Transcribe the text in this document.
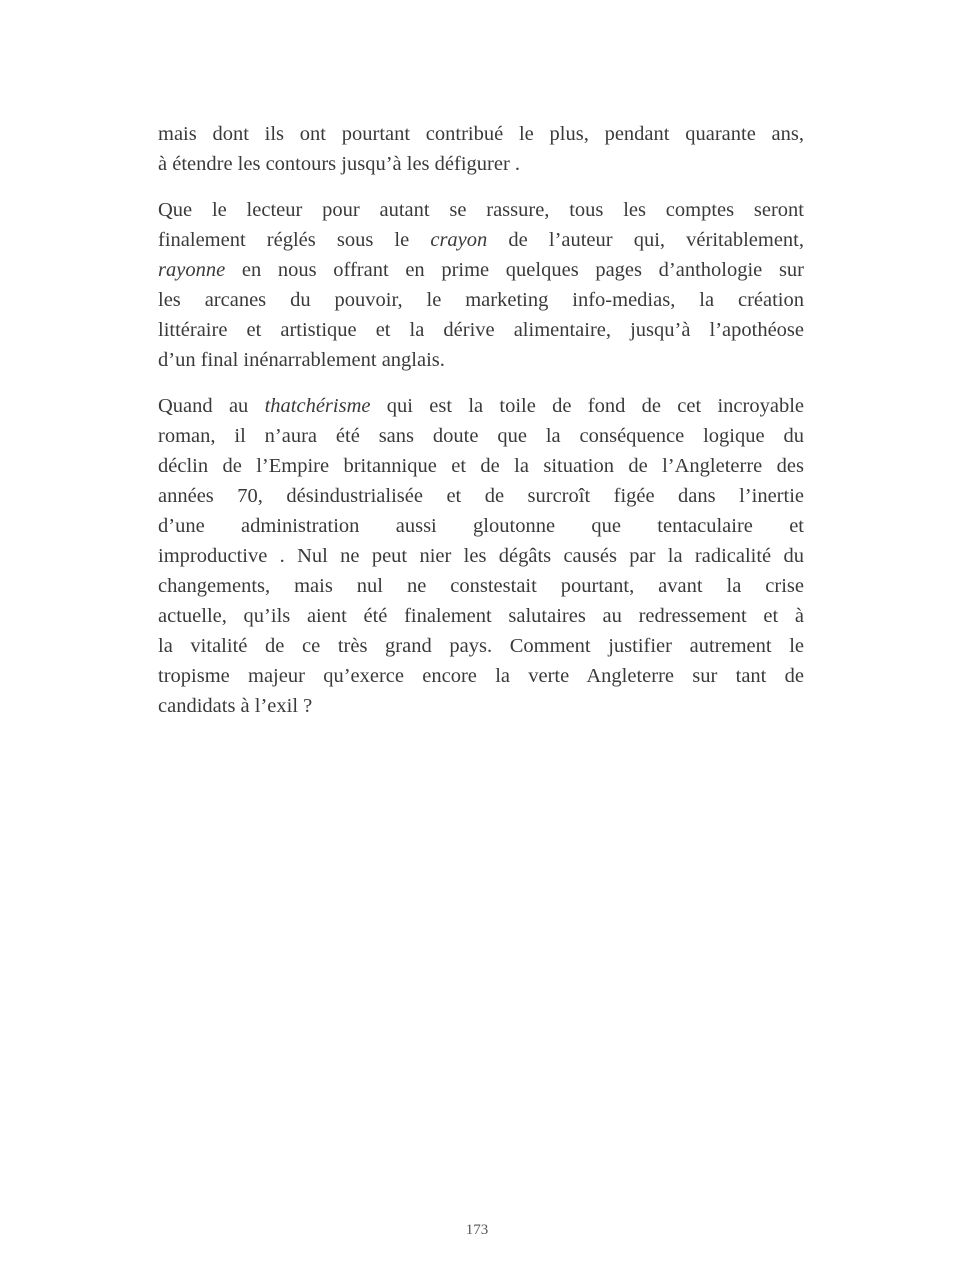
mais dont ils ont pourtant contribué le plus, pendant quarante ans,
à étendre les contours jusqu’à les défigurer .
Que le lecteur pour autant se rassure, tous les comptes seront
finalement réglés sous le crayon de l’auteur qui, véritablement,
rayonne en nous offrant en prime quelques pages d’anthologie sur
les arcanes du pouvoir, le marketing info-medias, la création
littéraire et artistique et la dérive alimentaire, jusqu’à l’apothéose
d’un final inénarrablement anglais.
Quand au thatchérisme qui est la toile de fond de cet incroyable
roman, il n’aura été sans doute que la conséquence logique du
déclin de l’Empire britannique et de la situation de l’Angleterre des
années 70, désindustrialisée et de surcroît figée dans l’inertie
d’une administration aussi gloutonne que tentaculaire et
improductive . Nul ne peut nier les dégâts causés par la radicalité du
changements, mais nul ne constestait pourtant, avant la crise
actuelle, qu’ils aient été finalement salutaires au redressement et à
la vitalité de ce très grand pays. Comment justifier autrement le
tropisme majeur qu’exerce encore la verte Angleterre sur tant de
candidats à l’exil ?
173
